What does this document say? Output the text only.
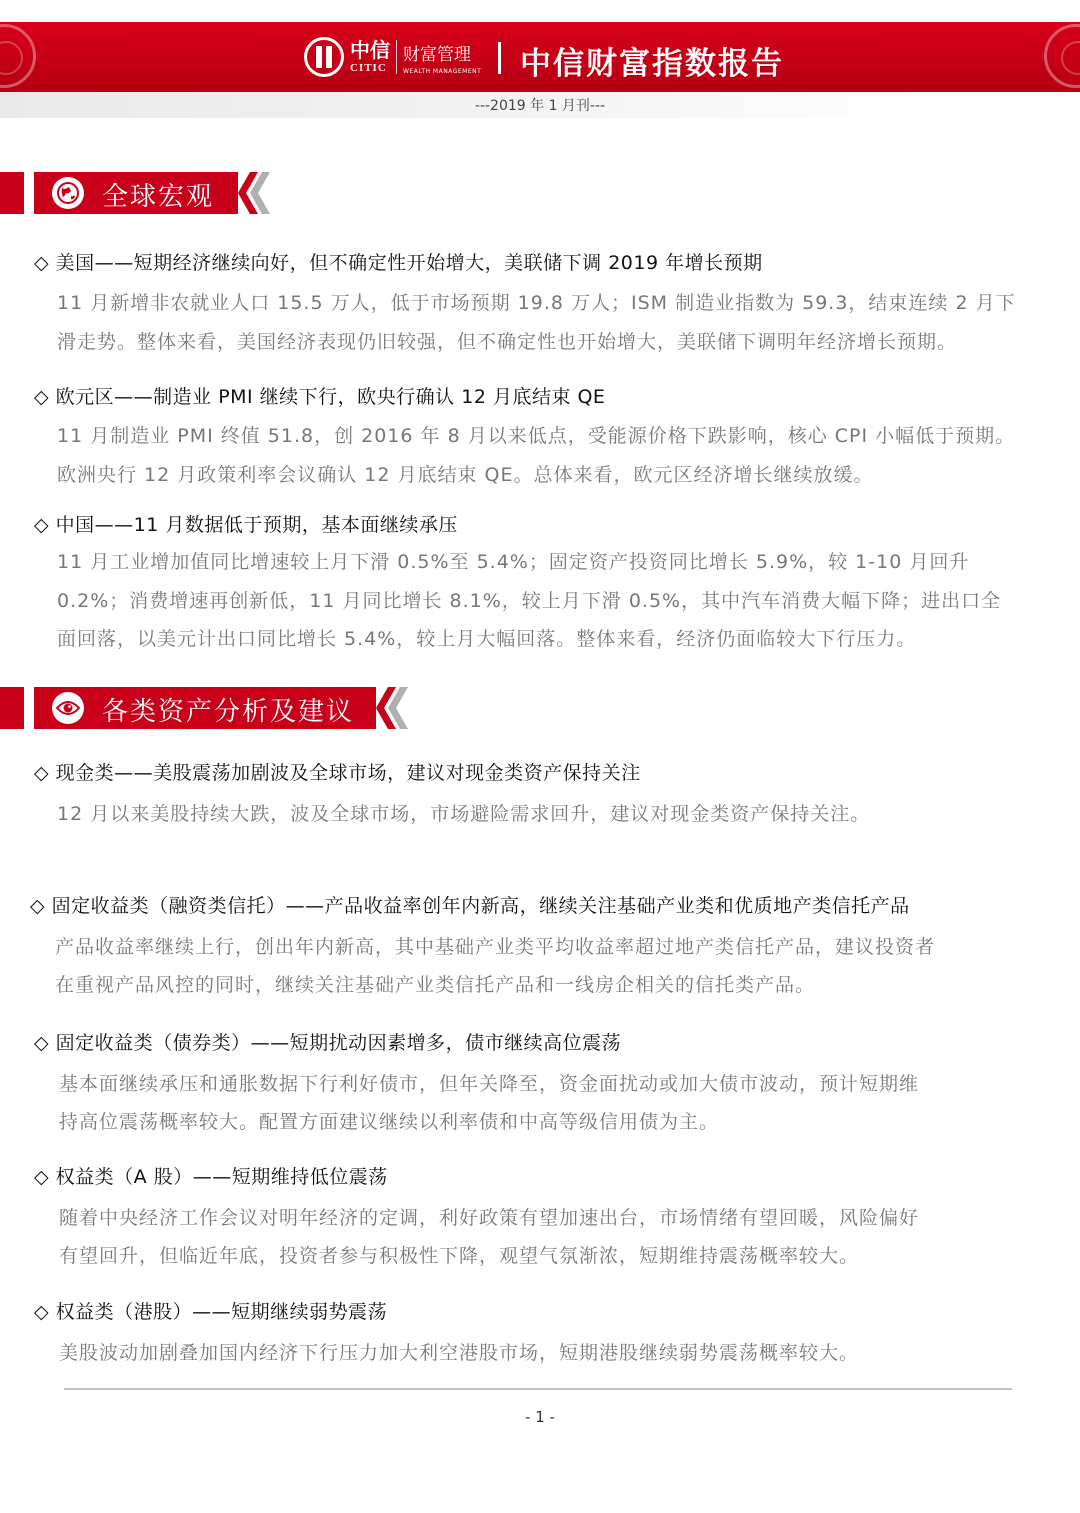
中信
CITIC
财富管理
WEALTH MANAGEMENT 中信财富指数报告
---2019 年 1 月刊---
全球宏观
◇ 美国——短期经济继续向好，但不确定性开始增大，美联储下调 2019 年增长预期
11 月新增非农就业人口 15.5 万人，低于市场预期 19.8 万人；ISM 制造业指数为 59.3，结束连续 2 月下
滑走势。整体来看，美国经济表现仍旧较强，但不确定性也开始增大，美联储下调明年经济增长预期。
◇ 欧元区——制造业 PMI 继续下行，欧央行确认 12 月底结束 QE
11 月制造业 PMI 终值 51.8，创 2016 年 8 月以来低点，受能源价格下跌影响，核心 CPI 小幅低于预期。
欧洲央行 12 月政策利率会议确认 12 月底结束 QE。总体来看，欧元区经济增长继续放缓。
◇ 中国——11 月数据低于预期，基本面继续承压
11 月工业增加值同比增速较上月下滑 0.5%至 5.4%；固定资产投资同比增长 5.9%，较 1-10 月回升
0.2%；消费增速再创新低，11 月同比增长 8.1%，较上月下滑 0.5%，其中汽车消费大幅下降；进出口全
面回落，以美元计出口同比增长 5.4%，较上月大幅回落。整体来看，经济仍面临较大下行压力。
各类资产分析及建议
◇ 现金类——美股震荡加剧波及全球市场，建议对现金类资产保持关注
12 月以来美股持续大跌，波及全球市场，市场避险需求回升，建议对现金类资产保持关注。
◇ 固定收益类（融资类信托）——产品收益率创年内新高，继续关注基础产业类和优质地产类信托产品
产品收益率继续上行，创出年内新高，其中基础产业类平均收益率超过地产类信托产品，建议投资者
在重视产品风控的同时，继续关注基础产业类信托产品和一线房企相关的信托类产品。
◇ 固定收益类（债券类）——短期扰动因素增多，债市继续高位震荡
基本面继续承压和通胀数据下行利好债市，但年关降至，资金面扰动或加大债市波动，预计短期维
持高位震荡概率较大。配置方面建议继续以利率债和中高等级信用债为主。
◇ 权益类（A 股）——短期维持低位震荡
随着中央经济工作会议对明年经济的定调，利好政策有望加速出台，市场情绪有望回暖，风险偏好
有望回升，但临近年底，投资者参与积极性下降，观望气氛渐浓，短期维持震荡概率较大。
◇ 权益类（港股）——短期继续弱势震荡
美股波动加剧叠加国内经济下行压力加大利空港股市场，短期港股继续弱势震荡概率较大。
- 1 -
